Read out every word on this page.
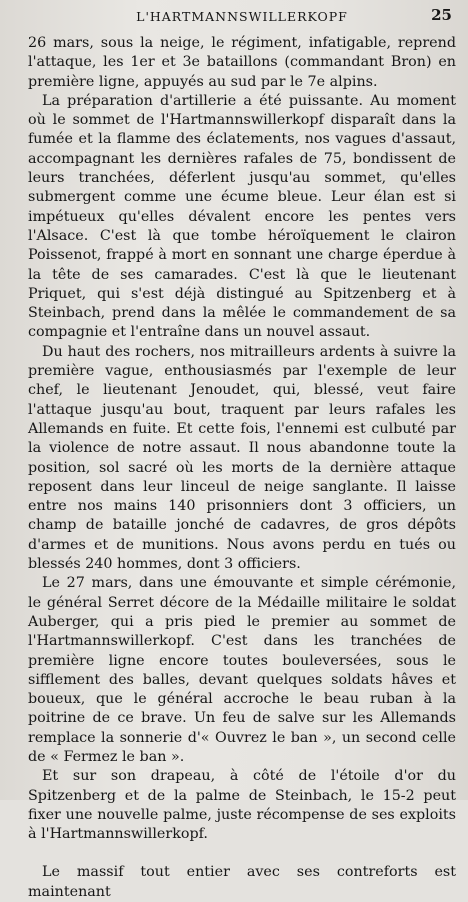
L'HARTMANNSWILLERKOPF	25

26 mars, sous la neige, le régiment, infatigable, reprend l'attaque, les 1er et 3e bataillons (commandant Bron) en première ligne, appuyés au sud par le 7e alpins.

La préparation d'artillerie a été puissante. Au moment où le sommet de l'Hartmannswillerkopf disparaît dans la fumée et la flamme des éclatements, nos vagues d'assaut, accompagnant les dernières rafales de 75, bondissent de leurs tranchées, déferlent jusqu'au sommet, qu'elles submergent comme une écume bleue. Leur élan est si impétueux qu'elles dévalent encore les pentes vers l'Alsace. C'est là que tombe héroïquement le clairon Poissenot, frappé à mort en sonnant une charge éperdue à la tête de ses camarades. C'est là que le lieutenant Priquet, qui s'est déjà distingué au Spitzenberg et à Steinbach, prend dans la mêlée le commandement de sa compagnie et l'entraîne dans un nouvel assaut.

Du haut des rochers, nos mitrailleurs ardents à suivre la première vague, enthousiasmés par l'exemple de leur chef, le lieutenant Jenoudet, qui, blessé, veut faire l'attaque jusqu'au bout, traquent par leurs rafales les Allemands en fuite. Et cette fois, l'ennemi est culbuté par la violence de notre assaut. Il nous abandonne toute la position, sol sacré où les morts de la dernière attaque reposent dans leur linceul de neige sanglante. Il laisse entre nos mains 140 prisonniers dont 3 officiers, un champ de bataille jonché de cadavres, de gros dépôts d'armes et de munitions. Nous avons perdu en tués ou blessés 240 hommes, dont 3 officiers.

Le 27 mars, dans une émouvante et simple cérémonie, le général Serret décore de la Médaille militaire le soldat Auberger, qui a pris pied le premier au sommet de l'Hartmannswillerkopf. C'est dans les tranchées de première ligne encore toutes bouleversées, sous le sifflement des balles, devant quelques soldats hâves et boueux, que le général accroche le beau ruban à la poitrine de ce brave. Un feu de salve sur les Allemands remplace la sonnerie d'« Ouvrez le ban », un second celle de « Fermez le ban ».

Et sur son drapeau, à côté de l'étoile d'or du Spitzenberg et de la palme de Steinbach, le 15-2 peut fixer une nouvelle palme, juste récompense de ses exploits à l'Hartmannswillerkopf.

Le massif tout entier avec ses contreforts est maintenant
